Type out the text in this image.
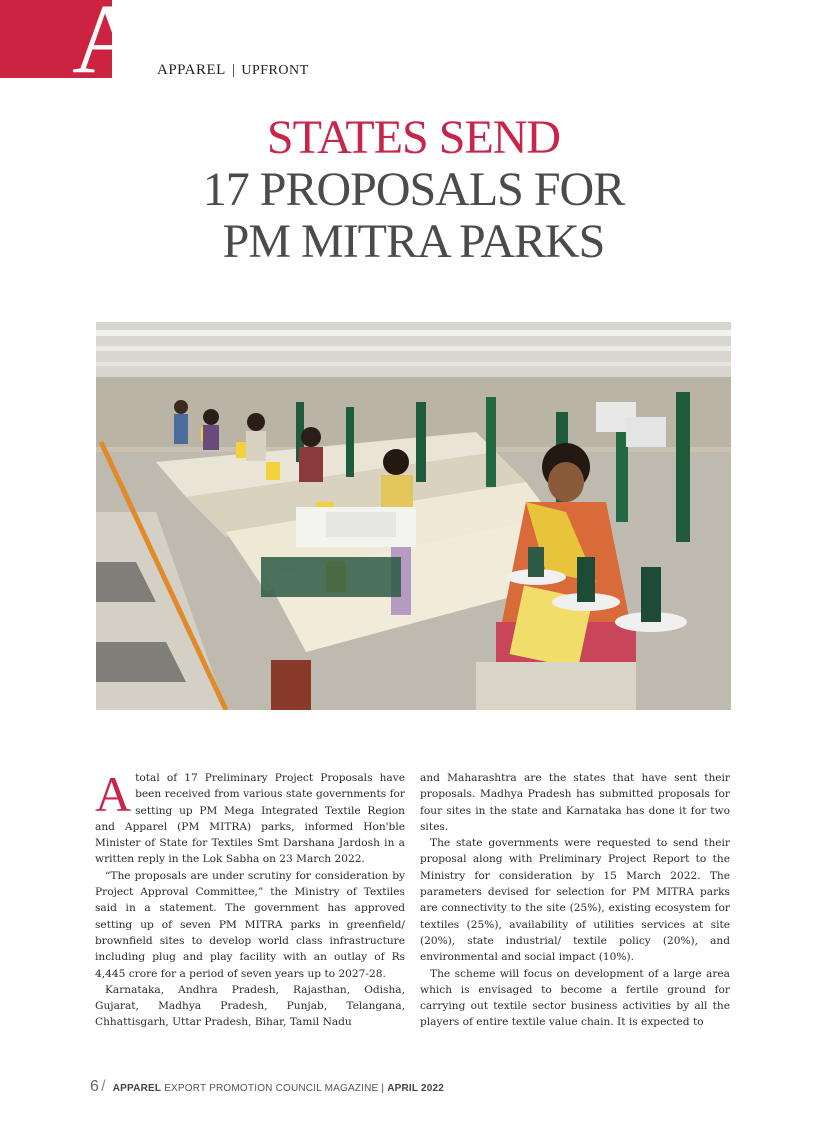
A APPAREL | UPFRONT
STATES SEND
17 PROPOSALS FOR
PM MITRA PARKS

Atotal of 17 Preliminary Project Proposals have been received from various state governments for setting up PM Mega Integrated Textile Region and Apparel (PM MITRA) parks, informed Hon'ble Minister of State for Textiles Smt Darshana Jardosh in a written reply in the Lok Sabha on 23 March 2022.

“The proposals are under scrutiny for consideration by Project Approval Committee,” the Ministry of Textiles said in a statement. The government has approved setting up of seven PM MITRA parks in greenfield/ brownfield sites to develop world class infrastructure including plug and play facility with an outlay of Rs 4,445 crore for a period of seven years up to 2027-28.

Karnataka, Andhra Pradesh, Rajasthan, Odisha, Gujarat, Madhya Pradesh, Punjab, Telangana, Chhattisgarh, Uttar Pradesh, Bihar, Tamil Nadu

and Maharashtra are the states that have sent their proposals. Madhya Pradesh has submitted proposals for four sites in the state and Karnataka has done it for two sites.

The state governments were requested to send their proposal along with Preliminary Project Report to the Ministry for consideration by 15 March 2022. The parameters devised for selection for PM MITRA parks are connectivity to the site (25%), existing ecosystem for textiles (25%), availability of utilities services at site (20%), state industrial/ textile policy (20%), and environmental and social impact (10%).

The scheme will focus on development of a large area which is envisaged to become a fertile ground for carrying out textile sector business activities by all the players of entire textile value chain. It is expected to

6 / APPAREL EXPORT PROMOTION COUNCIL MAGAZINE | APRIL 2022
